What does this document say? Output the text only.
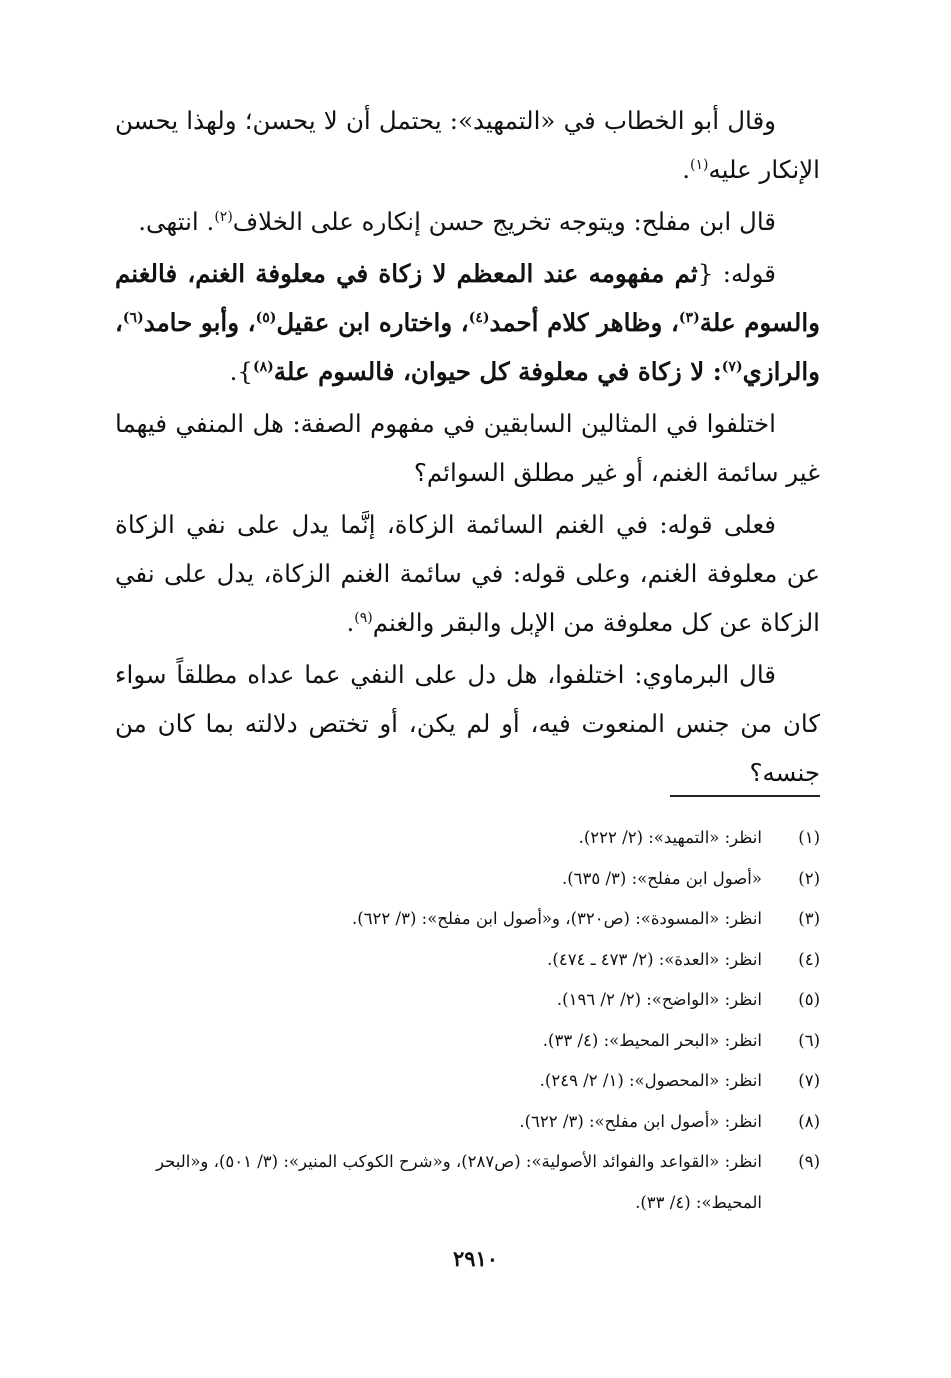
وقال أبو الخطاب في «التمهيد»: يحتمل أن لا يحسن؛ ولهذا يحسن الإنكار عليه$^{(١)}$.

قال ابن مفلح: ويتوجه تخريج حسن إنكاره على الخلاف$^{(٢)}$. انتهى.

قوله: {ثم مفهومه عند المعظم لا زكاة في معلوفة الغنم، فالغنم والسوم علة$^{(٣)}$، وظاهر كلام أحمد$^{(٤)}$، واختاره ابن عقيل$^{(٥)}$، وأبو حامد$^{(٦)}$، والرازي$^{(٧)}$: لا زكاة في معلوفة كل حيوان، فالسوم علة$^{(٨)}$}.

اختلفوا في المثالين السابقين في مفهوم الصفة: هل المنفي فيهما غير سائمة الغنم، أو غير مطلق السوائم؟

فعلى قوله: في الغنم السائمة الزكاة، إنَّما يدل على نفي الزكاة عن معلوفة الغنم، وعلى قوله: في سائمة الغنم الزكاة، يدل على نفي الزكاة عن كل معلوفة من الإبل والبقر والغنم$^{(٩)}$.

قال البرماوي: اختلفوا، هل دل على النفي عما عداه مطلقاً سواء كان من جنس المنعوت فيه، أو لم يكن، أو تختص دلالته بما كان من جنسه؟

(١)
انظر: «التمهيد»: (٢/ ٢٢٢).
(٢)
«أصول ابن مفلح»: (٣/ ٦٣٥).
(٣)
انظر: «المسودة»: (ص٣٢٠)، و«أصول ابن مفلح»: (٣/ ٦٢٢).
(٤)
انظر: «العدة»: (٢/ ٤٧٣ ـ ٤٧٤).
(٥)
انظر: «الواضح»: (٢/ ٢/ ١٩٦).
(٦)
انظر: «البحر المحيط»: (٤/ ٣٣).
(٧)
انظر: «المحصول»: (١/ ٢/ ٢٤٩).
(٨)
انظر: «أصول ابن مفلح»: (٣/ ٦٢٢).
(٩)
انظر: «القواعد والفوائد الأصولية»: (ص٢٨٧)، و«شرح الكوكب المنير»: (٣/ ٥٠١)، و«البحر المحيط»: (٤/ ٣٣).
٢٩١٠
